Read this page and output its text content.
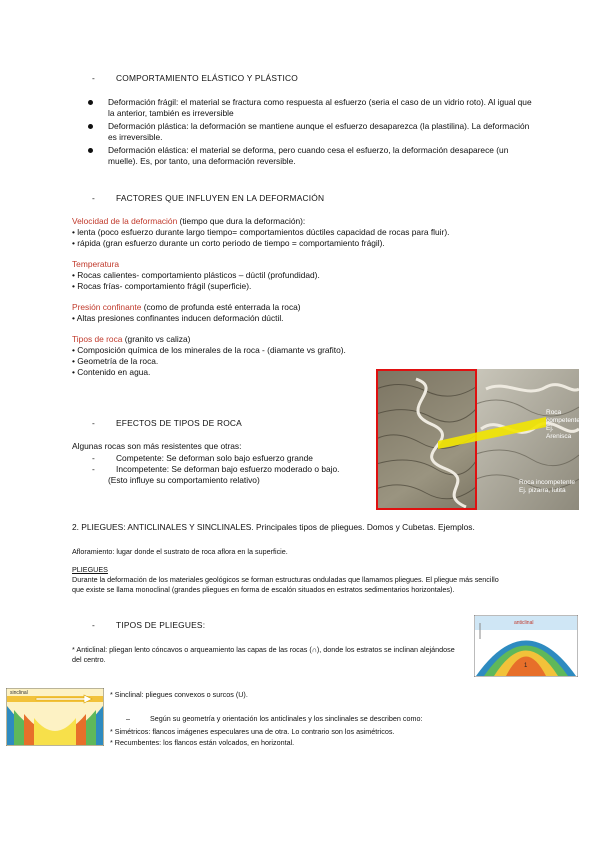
-	COMPORTAMIENTO ELÁSTICO Y PLÁSTICO
Deformación frágil: el material se fractura como respuesta al esfuerzo (seria el caso de un vidrio roto). Al igual que la anterior, también es irreversible
Deformación plástica: la deformación se mantiene aunque el esfuerzo desaparezca (la plastilina). La deformación es irreversible.
Deformación elástica: el material se deforma, pero cuando cesa el esfuerzo, la deformación desaparece (un muelle). Es, por tanto, una deformación reversible.
-	FACTORES QUE INFLUYEN EN LA DEFORMACIÓN
Velocidad de la deformación (tiempo que dura la deformación):
• lenta (poco esfuerzo durante largo tiempo= comportamientos dúctiles capacidad de rocas para fluir).
• rápida (gran esfuerzo durante un corto periodo de tiempo = comportamiento frágil).
Temperatura
• Rocas calientes- comportamiento plásticos – dúctil (profundidad).
• Rocas frías- comportamiento frágil (superficie).
Presión confinante (como de profunda esté enterrada la roca)
• Altas presiones confinantes inducen deformación dúctil.
Tipos de roca (granito vs caliza)
• Composición química de los minerales de la roca - (diamante vs grafito).
• Geometría de la roca.
• Contenido en agua.
Roca competente Ej. Arenisca
Roca incompetente Ej. pizarra, lutita
-	EFECTOS DE TIPOS DE ROCA
Algunas rocas son más resistentes que otras:
-	Competente: Se deforman solo bajo esfuerzo grande
-	Incompetente: Se deforman bajo esfuerzo moderado o bajo.
(Esto influye su comportamiento relativo)
2. PLIEGUES: ANTICLINALES Y SINCLINALES. Principales tipos de pliegues. Domos y Cubetas. Ejemplos.
Afloramiento: lugar donde el sustrato de roca aflora en la superficie.
PLIEGUES
Durante la deformación de los materiales geológicos se forman estructuras onduladas que llamamos pliegues. El pliegue más sencillo que existe se llama monoclinal (grandes pliegues en forma de escalón situados en estratos sedimentarios horizontales).
-	TIPOS DE PLIEGUES:
* Anticlinal: pliegan lento cóncavos o arqueamiento las capas de las rocas (∩), donde los estratos se inclinan alejándose del centro.
1
anticlinal
sinclinal	* Sinclinal: pliegues convexos o surcos (U).
–	Según su geometría y orientación los anticlinales y los sinclinales se describen como:
* Simétricos: flancos imágenes especulares una de otra. Lo contrario son los asimétricos.
* Recumbentes: los flancos están volcados, en horizontal.
